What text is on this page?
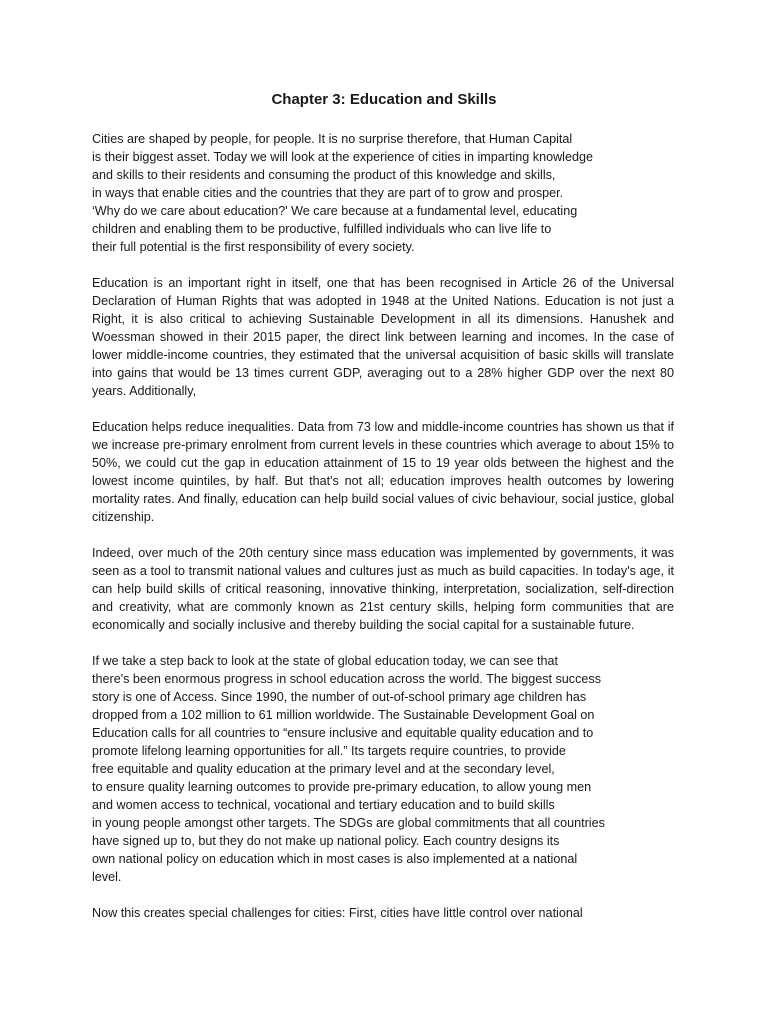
Chapter 3: Education and Skills

Cities are shaped by people, for people. It is no surprise therefore, that Human Capital
is their biggest asset. Today we will look at the experience of cities in imparting knowledge
and skills to their residents and consuming the product of this knowledge and skills,
in ways that enable cities and the countries that they are part of to grow and prosper.
‘Why do we care about education?' We care because at a fundamental level, educating
children and enabling them to be productive, fulfilled individuals who can live life to
their full potential is the first responsibility of every society.

Education is an important right in itself, one that has been recognised in Article 26 of the Universal Declaration of Human Rights that was adopted in 1948 at the United Nations. Education is not just a Right, it is also critical to achieving Sustainable Development in all its dimensions. Hanushek and Woessman showed in their 2015 paper, the direct link between learning and incomes. In the case of lower middle-income countries, they estimated that the universal acquisition of basic skills will translate into gains that would be 13 times current GDP, averaging out to a 28% higher GDP over the next 80 years. Additionally,

Education helps reduce inequalities. Data from 73 low and middle-income countries has shown us that if we increase pre-primary enrolment from current levels in these countries which average to about 15% to 50%, we could cut the gap in education attainment of 15 to 19 year olds between the highest and the lowest income quintiles, by half. But that's not all; education improves health outcomes by lowering mortality rates. And finally, education can help build social values of civic behaviour, social justice, global citizenship.

Indeed, over much of the 20th century since mass education was implemented by governments, it was seen as a tool to transmit national values and cultures just as much as build capacities. In today's age, it can help build skills of critical reasoning, innovative thinking, interpretation, socialization, self-direction and creativity, what are commonly known as 21st century skills, helping form communities that are economically and socially inclusive and thereby building the social capital for a sustainable future.

If we take a step back to look at the state of global education today, we can see that
there's been enormous progress in school education across the world. The biggest success
story is one of Access. Since 1990, the number of out-of-school primary age children has
dropped from a 102 million to 61 million worldwide. The Sustainable Development Goal on
Education calls for all countries to “ensure inclusive and equitable quality education and to
promote lifelong learning opportunities for all.” Its targets require countries, to provide
free equitable and quality education at the primary level and at the secondary level,
to ensure quality learning outcomes to provide pre-primary education, to allow young men
and women access to technical, vocational and tertiary education and to build skills
in young people amongst other targets. The SDGs are global commitments that all countries
have signed up to, but they do not make up national policy. Each country designs its
own national policy on education which in most cases is also implemented at a national
level.

Now this creates special challenges for cities: First, cities have little control over national
